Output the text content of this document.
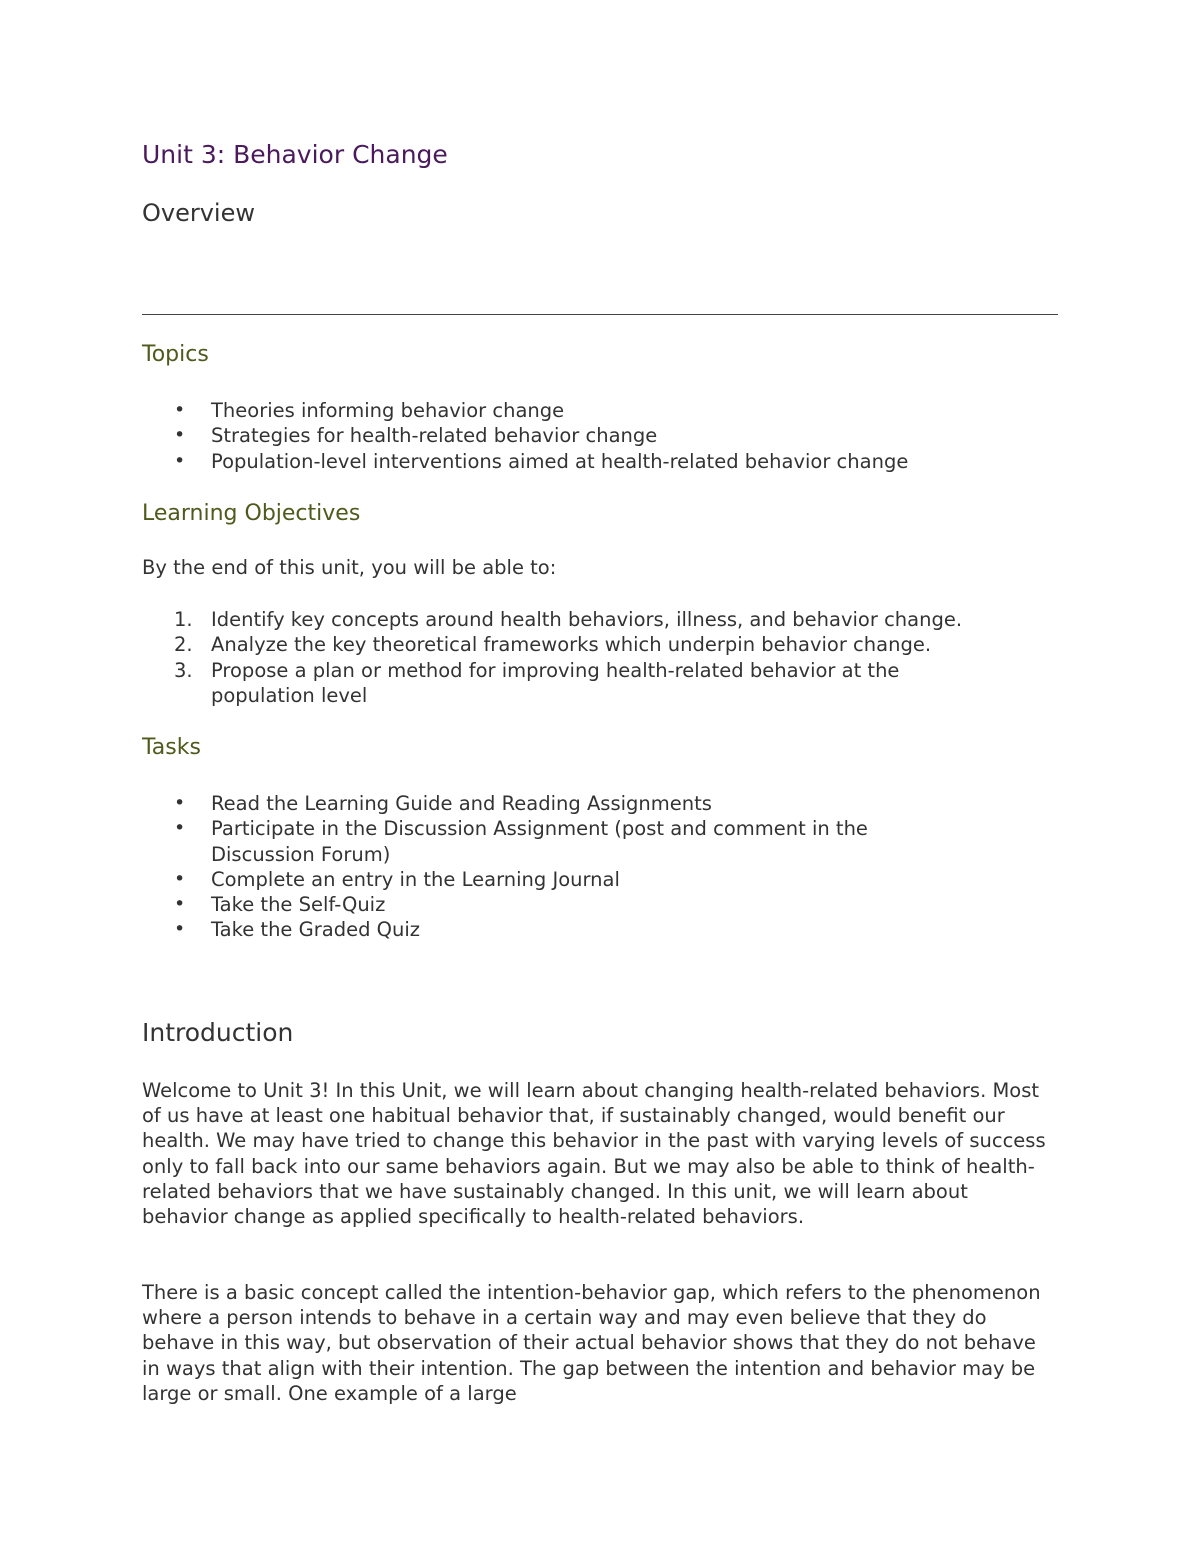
Unit 3: Behavior Change
Overview
Topics
•	Theories informing behavior change
•	Strategies for health-related behavior change
•	Population-level interventions aimed at health-related behavior change
Learning Objectives

By the end of this unit, you will be able to:

1. Identify key concepts around health behaviors, illness, and behavior change.
2. Analyze the key theoretical frameworks which underpin behavior change.
3. Propose a plan or method for improving health-related behavior at the population level
Tasks
•	Read the Learning Guide and Reading Assignments
•	Participate in the Discussion Assignment (post and comment in the Discussion Forum)
•	Complete an entry in the Learning Journal
•	Take the Self-Quiz
•	Take the Graded Quiz
Introduction

Welcome to Unit 3! In this Unit, we will learn about changing health-related behaviors. Most of us have at least one habitual behavior that, if sustainably changed, would benefit our health. We may have tried to change this behavior in the past with varying levels of success only to fall back into our same behaviors again. But we may also be able to think of health-related behaviors that we have sustainably changed. In this unit, we will learn about behavior change as applied specifically to health-related behaviors.

There is a basic concept called the intention-behavior gap, which refers to the phenomenon where a person intends to behave in a certain way and may even believe that they do behave in this way, but observation of their actual behavior shows that they do not behave in ways that align with their intention. The gap between the intention and behavior may be large or small. One example of a large
